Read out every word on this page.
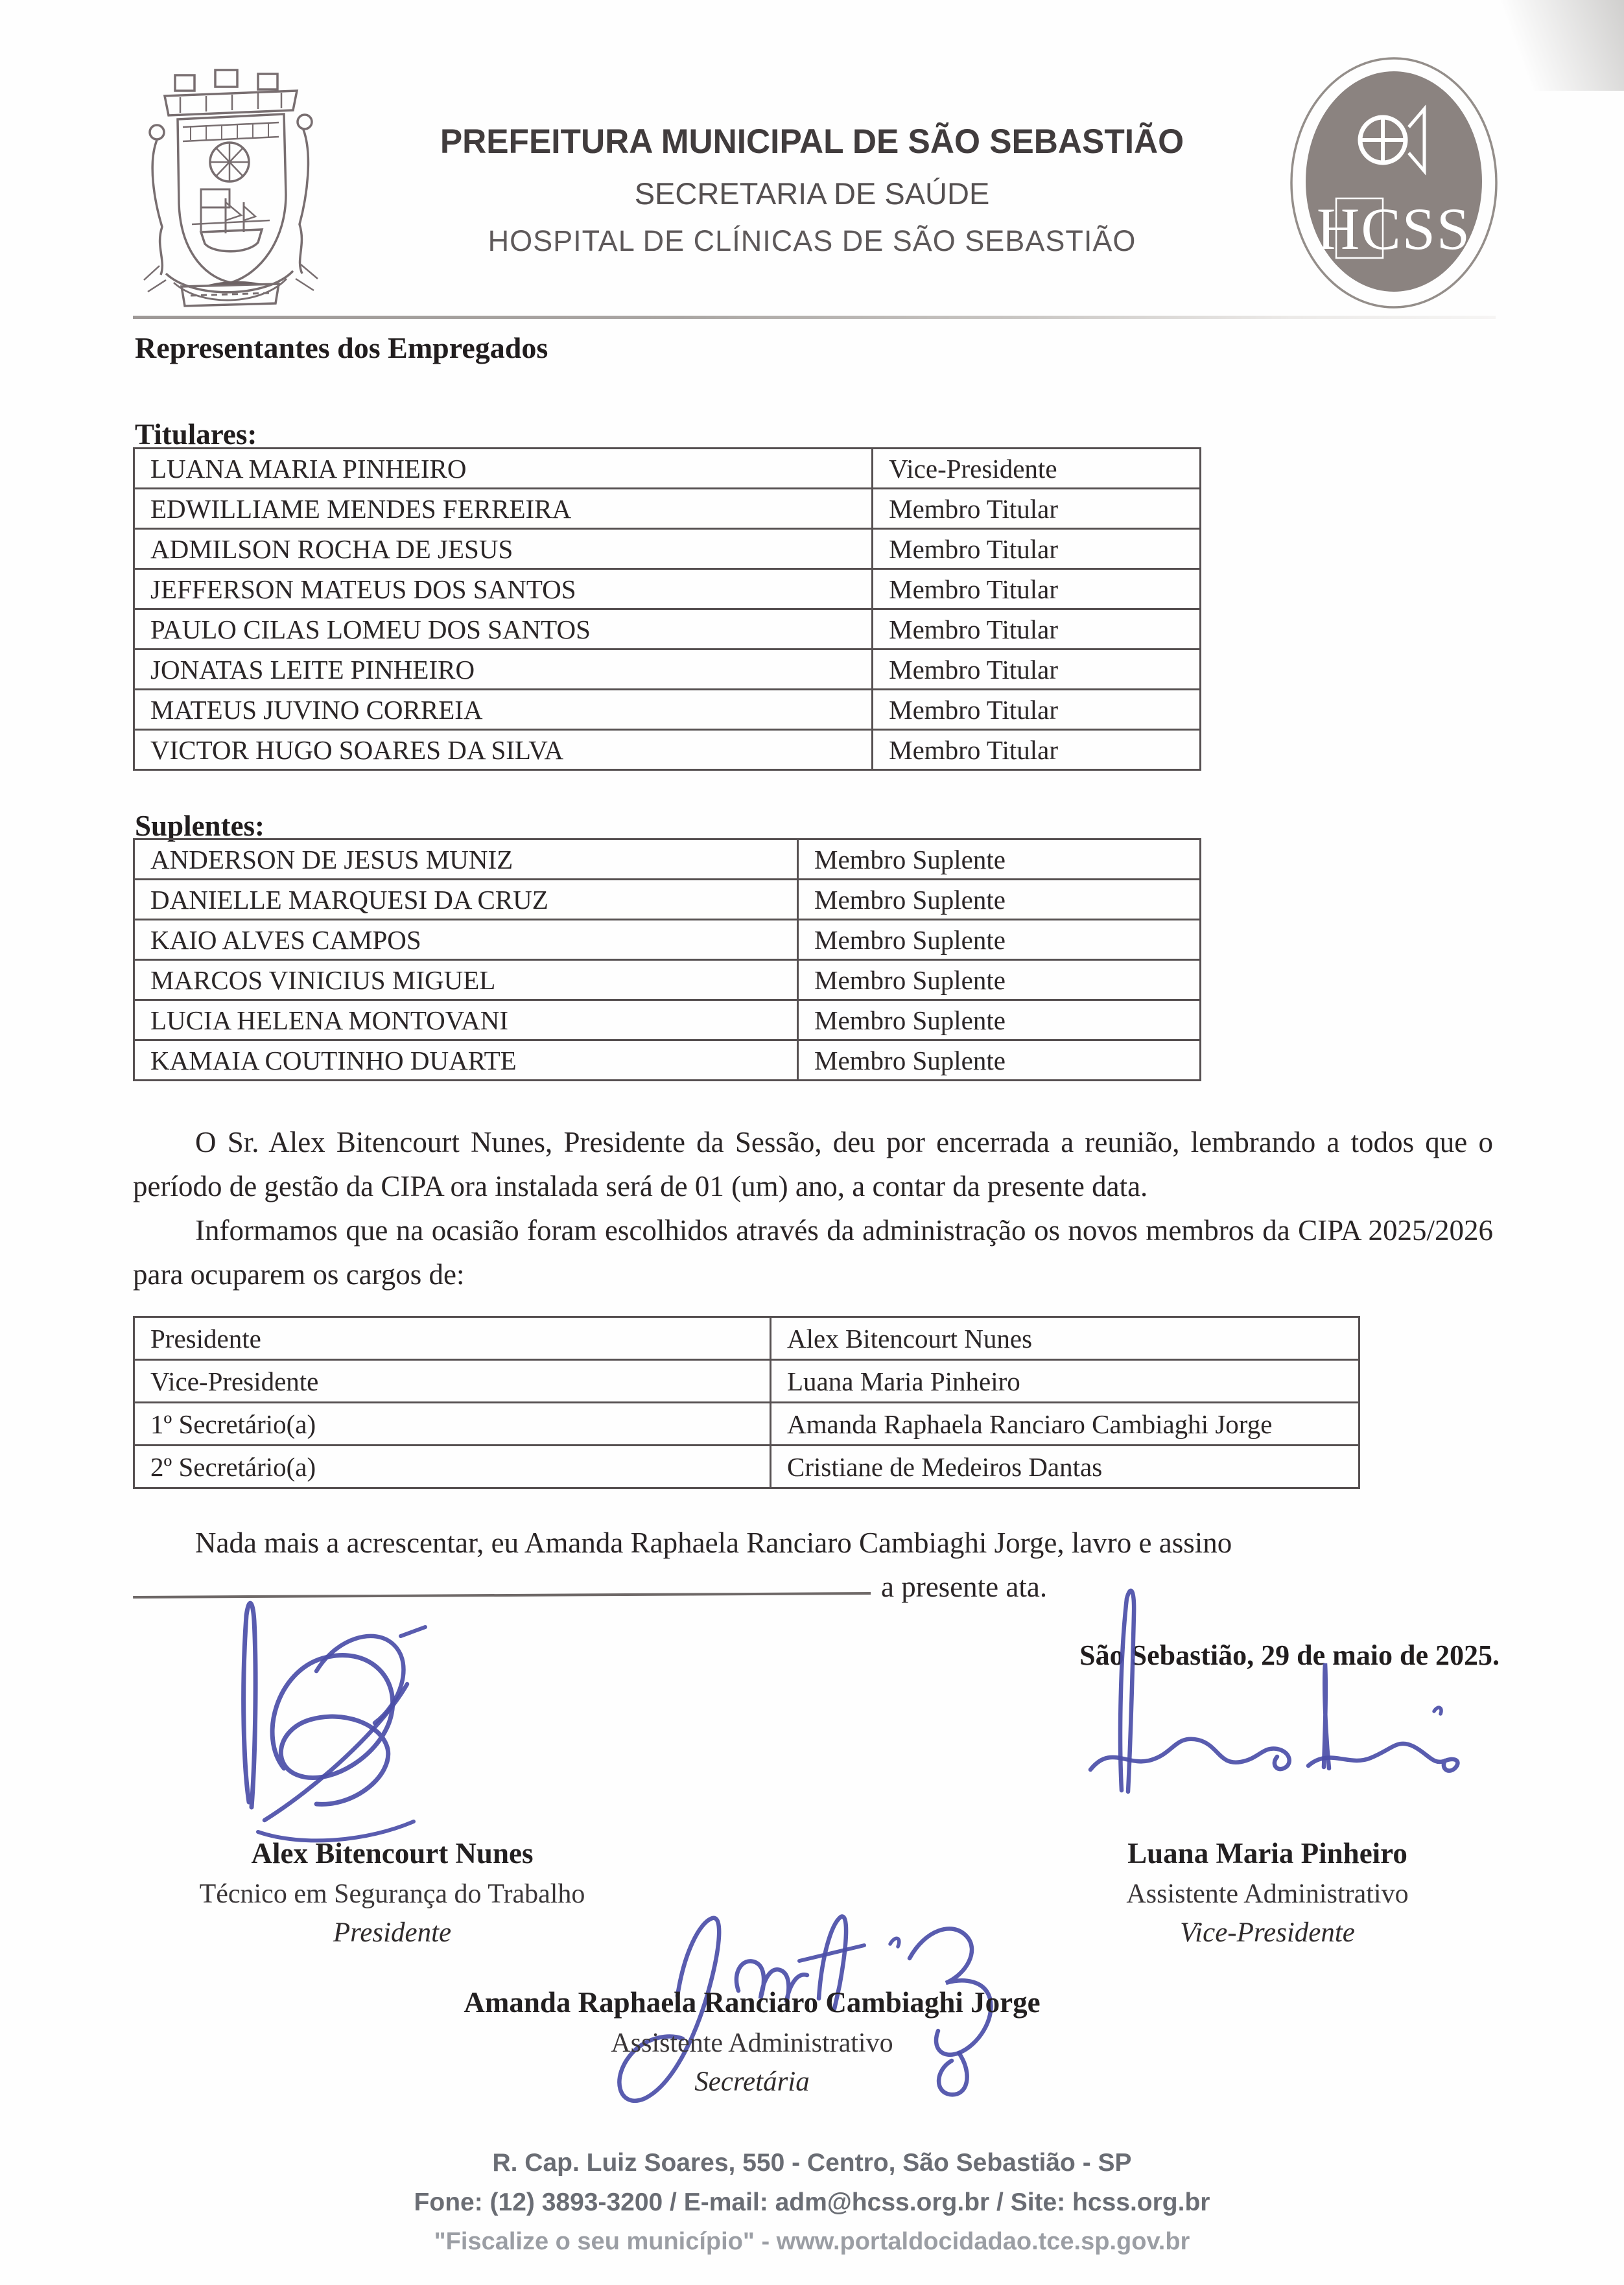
PREFEITURA MUNICIPAL DE SÃO SEBASTIÃO
SECRETARIA DE SAÚDE
HOSPITAL DE CLÍNICAS DE SÃO SEBASTIÃO	HCSS
Representantes dos Empregados
Titulares:
LUANA MARIA PINHEIRO	Vice-Presidente
EDWILLIAME MENDES FERREIRA	Membro Titular
ADMILSON ROCHA DE JESUS	Membro Titular
JEFFERSON MATEUS DOS SANTOS	Membro Titular
PAULO CILAS LOMEU DOS SANTOS	Membro Titular
JONATAS LEITE PINHEIRO	Membro Titular
MATEUS JUVINO CORREIA	Membro Titular
VICTOR HUGO SOARES DA SILVA	Membro Titular
Suplentes:
ANDERSON DE JESUS MUNIZ	Membro Suplente
DANIELLE MARQUESI DA CRUZ	Membro Suplente
KAIO ALVES CAMPOS	Membro Suplente
MARCOS VINICIUS MIGUEL	Membro Suplente
LUCIA HELENA MONTOVANI	Membro Suplente
KAMAIA COUTINHO DUARTE	Membro Suplente

O Sr. Alex Bitencourt Nunes, Presidente da Sessão, deu por encerrada a reunião, lembrando a todos que o período de gestão da CIPA ora instalada será de 01 (um) ano, a contar da presente data.

Informamos que na ocasião foram escolhidos através da administração os novos membros da CIPA 2025/2026 para ocuparem os cargos de:

Presidente	Alex Bitencourt Nunes
Vice-Presidente	Luana Maria Pinheiro
1º Secretário(a)	Amanda Raphaela Ranciaro Cambiaghi Jorge
2º Secretário(a)	Cristiane de Medeiros Dantas

Nada mais a acrescentar, eu Amanda Raphaela Ranciaro Cambiaghi Jorge, lavro e assino

a presente ata.

São Sebastião, 29 de maio de 2025.
Alex Bitencourt Nunes
Técnico em Segurança do Trabalho
Presidente
Luana Maria Pinheiro
Assistente Administrativo
Vice-Presidente
Amanda Raphaela Ranciaro Cambiaghi Jorge
Assistente Administrativo
Secretária
R. Cap. Luiz Soares, 550 - Centro, São Sebastião - SP
Fone: (12) 3893-3200 / E-mail: adm@hcss.org.br / Site: hcss.org.br
"Fiscalize o seu município" - www.portaldocidadao.tce.sp.gov.br
